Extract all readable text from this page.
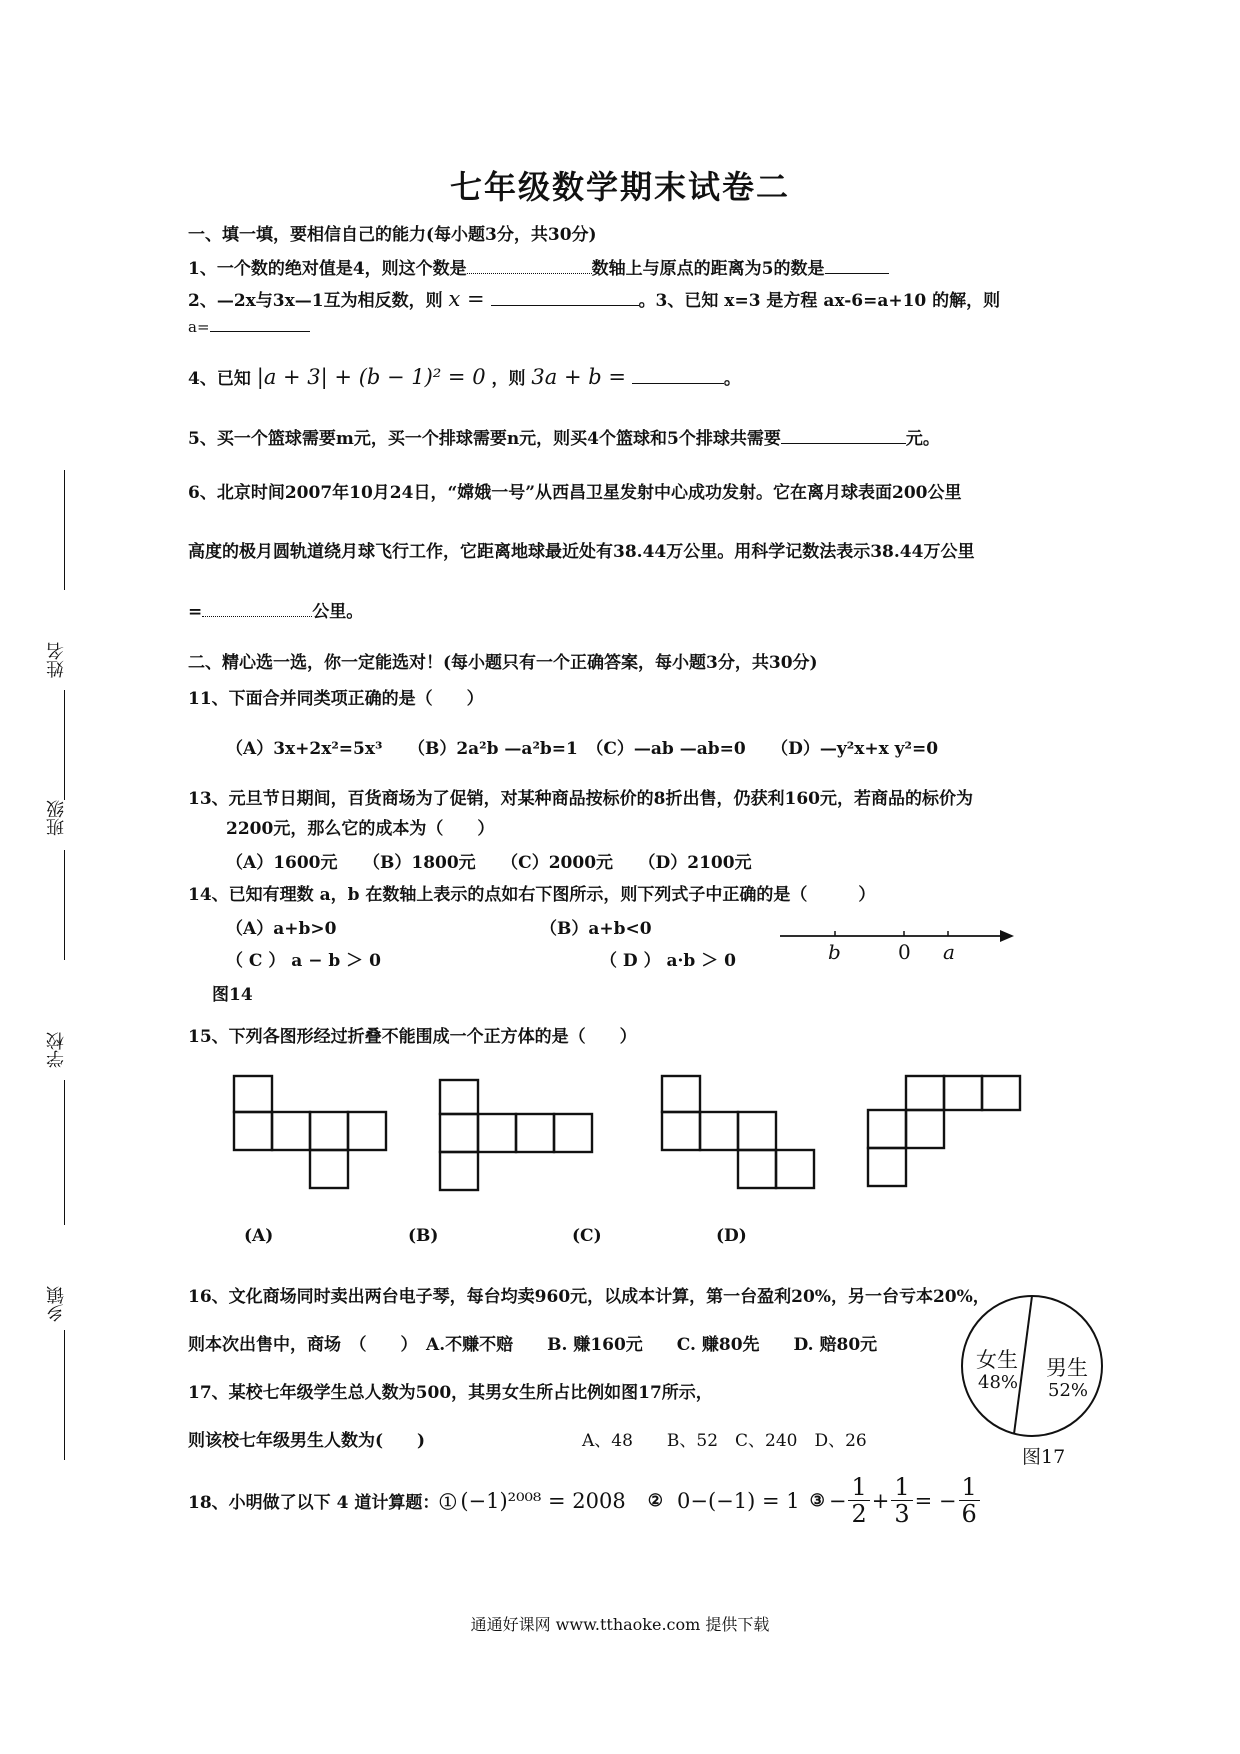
七年级数学期末试卷二
姓名
班级
学校
乡镇
一、填一填，要相信自己的能力(每小题3分，共30分)
1、一个数的绝对值是4，则这个数是	数轴上与原点的距离为5的数是
2、—2x与3x—1互为相反数，则 x =	。3、已知 x=3 是方程 ax-6=a+10 的解，则
a=
4、已知 |a + 3| + (b − 1)² = 0 ，则 3a + b =	。
5、买一个篮球需要m元，买一个排球需要n元，则买4个篮球和5个排球共需要	元。
6、北京时间2007年10月24日，“嫦娥一号”从西昌卫星发射中心成功发射。它在离月球表面200公里
高度的极月圆轨道绕月球飞行工作，它距离地球最近处有38.44万公里。用科学记数法表示38.44万公里
=	公里。
二、精心选一选，你一定能选对！(每小题只有一个正确答案，每小题3分，共30分)
11、下面合并同类项正确的是（　　）
（A）3x+2x²=5x³　　（B）2a²b —a²b=1　（C）—ab —ab=0　　（D）—y²x+x y²=0
13、元旦节日期间，百货商场为了促销，对某种商品按标价的8折出售，仍获利160元，若商品的标价为
2200元，那么它的成本为（　　）
（A）1600元　　（B）1800元　　（C）2000元　　（D）2100元
14、已知有理数 a，b 在数轴上表示的点如右下图所示，则下列式子中正确的是（　　　）
（A）a+b>0	（B）a+b<0
（ C ） a − b ＞ 0	（ D ） a·b ＞ 0
图14
b	0 a
15、下列各图形经过折叠不能围成一个正方体的是（　　）
(A)	(B)	(C)	(D)
16、文化商场同时卖出两台电子琴，每台均卖960元，以成本计算，第一台盈利20%，另一台亏本20%，
则本次出售中，商场　（　　）　A.不赚不赔　　B. 赚160元　　C. 赚80先　　D. 赔80元
17、某校七年级学生总人数为500，其男女生所占比例如图17所示，
则该校七年级男生人数为(　　)	A、48　　B、52　C、240　D、26
女生
48%
男生
52%
图17
18、小明做了以下 4 道计算题：① (−1)²⁰⁰⁸ = 2008 ② 0−(−1) = 1 ③ − $\frac{1}{2} + \frac{1}{3}$ = − $\frac{1}{6}$
通通好课网 www.tthaoke.com 提供下载
